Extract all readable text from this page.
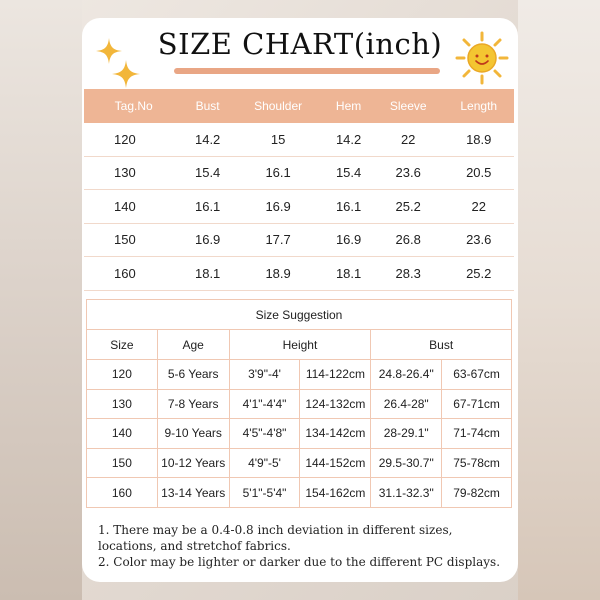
SIZE CHART(inch)
Tag.No	Bust	Shoulder	Hem	Sleeve	Length
120	14.2	15	14.2	22	18.9
130	15.4	16.1	15.4	23.6	20.5
140	16.1	16.9	16.1	25.2	22
150	16.9	17.7	16.9	26.8	23.6
160	18.1	18.9	18.1	28.3	25.2
Size Suggestion					
Size	Age	Height		Bust	
120	5-6 Years	3'9"-4'	114-122cm	24.8-26.4"	63-67cm
130	7-8 Years	4'1"-4'4"	124-132cm	26.4-28"	67-71cm
140	9-10 Years	4'5"-4'8"	134-142cm	28-29.1"	71-74cm
150	10-12 Years	4'9"-5'	144-152cm	29.5-30.7"	75-78cm
160	13-14 Years	5'1"-5'4"	154-162cm	31.1-32.3"	79-82cm
1. There may be a 0.4-0.8 inch deviation in different sizes,
locations, and stretchof fabrics.
2. Color may be lighter or darker due to the different PC displays.
